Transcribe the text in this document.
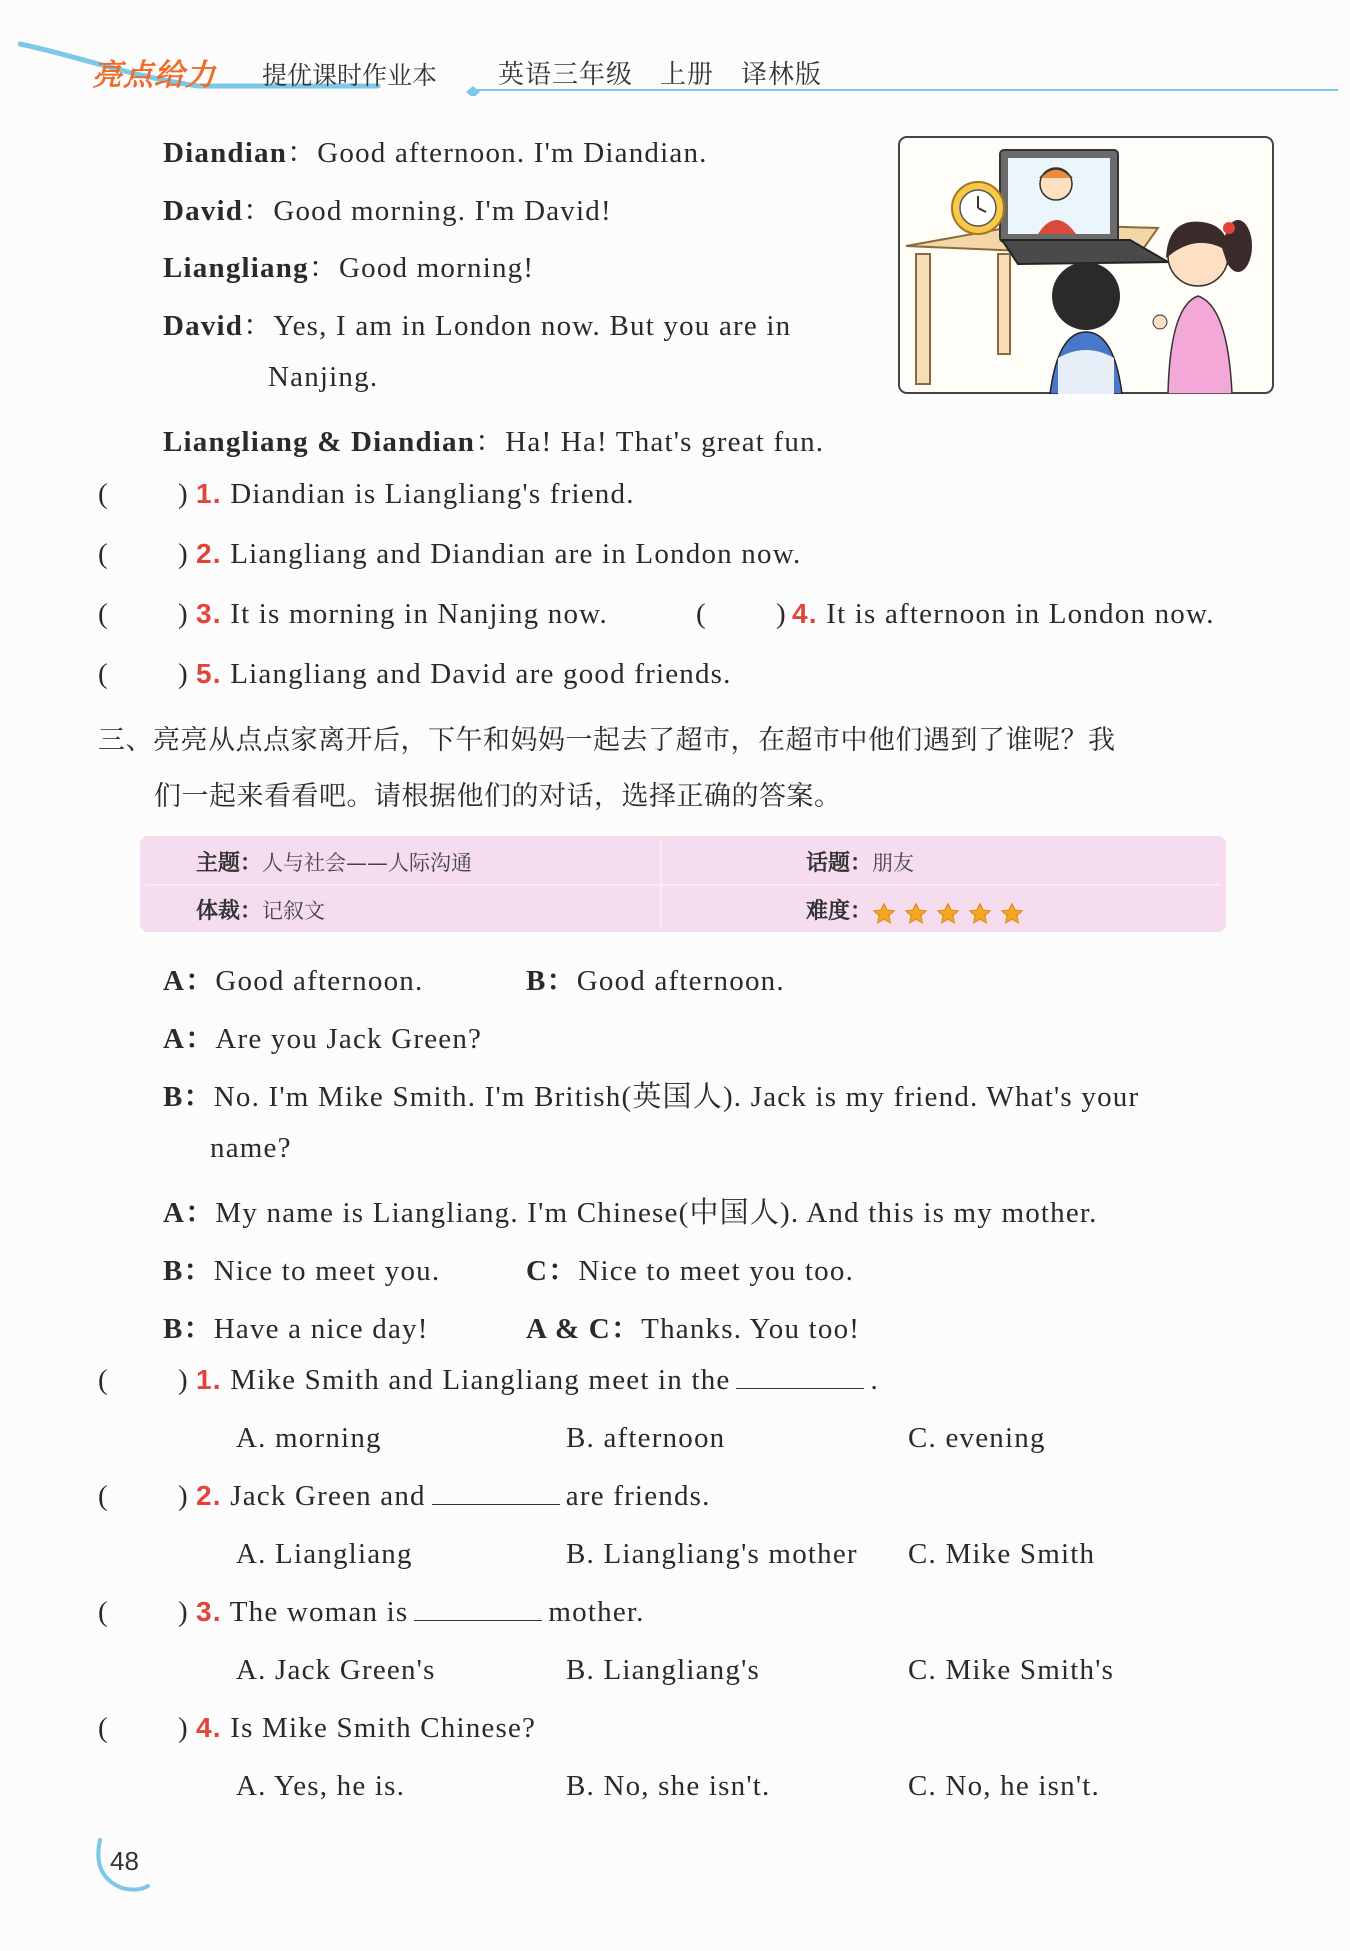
亮点给力 提优课时作业本 英语三年级　上册　译林版
Diandian：Good afternoon. I'm Diandian.
David：Good morning. I'm David!
Liangliang：Good morning!
David：Yes, I am in London now. But you are in
Nanjing.
Liangliang & Diandian：Ha! Ha! That's great fun.
( ) 1. Diandian is Liangliang's friend.
( ) 2. Liangliang and Diandian are in London now.
( ) 3. It is morning in Nanjing now.	( ) 4. It is afternoon in London now.
( ) 5. Liangliang and David are good friends.
三、亮亮从点点家离开后，下午和妈妈一起去了超市，在超市中他们遇到了谁呢？我
们一起来看看吧。请根据他们的对话，选择正确的答案。
主题：人与社会——人际沟通	话题：朋友
体裁：记叙文	难度：
A：Good afternoon.	B：Good afternoon.
A：Are you Jack Green?
B：No. I'm Mike Smith. I'm British(英国人). Jack is my friend. What's your
name?
A：My name is Liangliang. I'm Chinese(中国人). And this is my mother.
B：Nice to meet you.	C：Nice to meet you too.
B：Have a nice day!	A & C：Thanks. You too!
( ) 1. Mike Smith and Liangliang meet in the	.
A. morning	B. afternoon	C. evening
( ) 2. Jack Green and	are friends.
A. Liangliang	B. Liangliang's mother C. Mike Smith
( ) 3. The woman is	mother.
A. Jack Green's	B. Liangliang's	C. Mike Smith's
( ) 4. Is Mike Smith Chinese?
A. Yes, he is.	B. No, she isn't.	C. No, he isn't.
48
